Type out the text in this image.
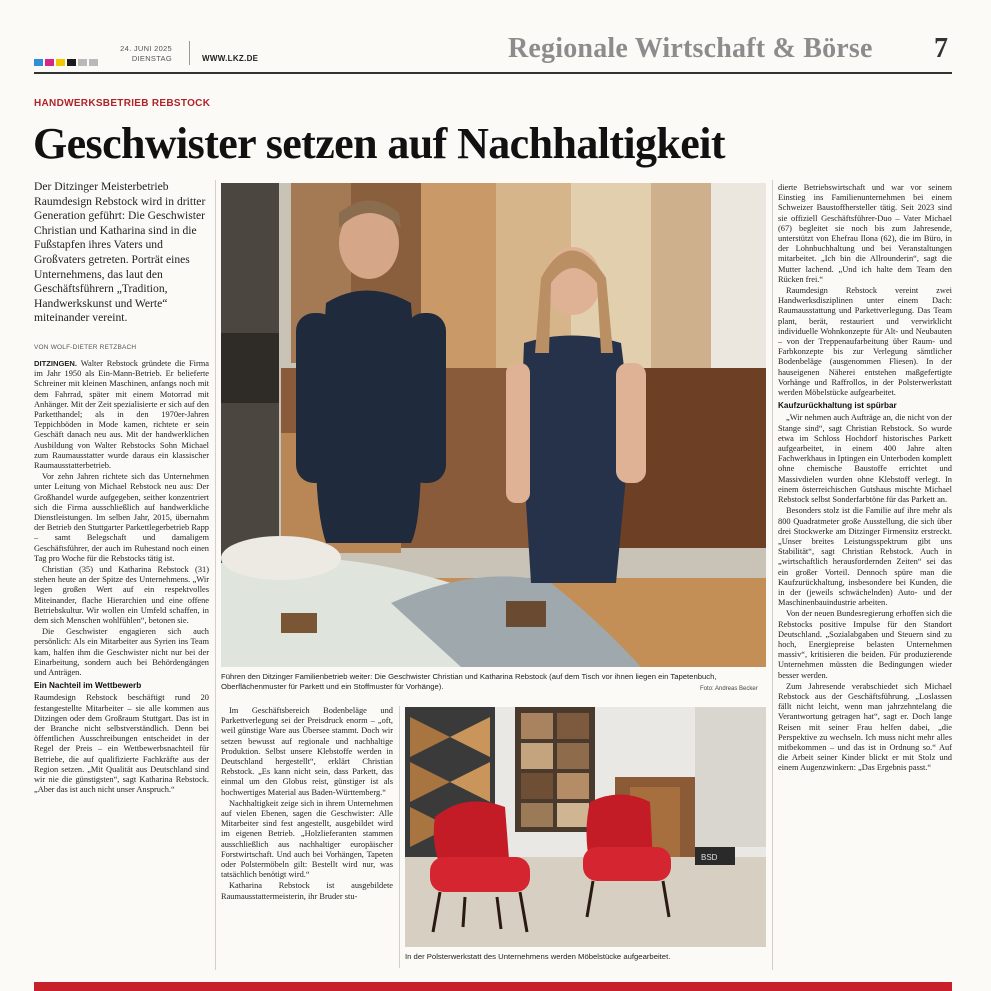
24. JUNI 2025
DIENSTAG	WWW.LKZ.DE	Regionale Wirtschaft & Börse 7
HANDWERKSBETRIEB REBSTOCK
Geschwister setzen auf Nachhaltigkeit
Der Ditzinger Meisterbetrieb Raumdesign Rebstock wird in dritter Generation geführt: Die Geschwister Christian und Katharina sind in die Fußstapfen ihres Vaters und Großvaters getreten. Porträt eines Unternehmens, das laut den Geschäftsführern „Tradition, Handwerkskunst und Werte“ miteinander vereint.
VON WOLF-DIETER RETZBACH

DITZINGEN. Walter Rebstock gründete die Firma im Jahr 1950 als Ein-Mann-Betrieb. Er belieferte Schreiner mit kleinen Maschinen, anfangs noch mit dem Fahrrad, später mit einem Motorrad mit Anhänger. Mit der Zeit spezialisierte er sich auf den Parketthandel; als in den 1970er-Jahren Teppichböden in Mode kamen, richtete er sein Geschäft danach neu aus. Mit der handwerklichen Ausbildung von Walter Rebstocks Sohn Michael zum Raumausstatter wurde daraus ein klassischer Raumausstatterbetrieb.

Vor zehn Jahren richtete sich das Unternehmen unter Leitung von Michael Rebstock neu aus: Der Großhandel wurde aufgegeben, seither konzentriert sich die Firma ausschließlich auf handwerkliche Dienstleistungen. Im selben Jahr, 2015, übernahm der Betrieb den Stuttgarter Parkettlegerbetrieb Rapp – samt Belegschaft und damaligem Geschäftsführer, der auch im Ruhestand noch einen Tag pro Woche für die Rebstocks tätig ist.

Christian (35) und Katharina Rebstock (31) stehen heute an der Spitze des Unternehmens. „Wir legen großen Wert auf ein respektvolles Miteinander, flache Hierarchien und eine offene Betriebskultur. Wir wollen ein Umfeld schaffen, in dem sich Menschen wohlfühlen“, betonen sie.

Die Geschwister engagieren sich auch persönlich: Als ein Mitarbeiter aus Syrien ins Team kam, halfen ihm die Geschwister nicht nur bei der Einarbeitung, sondern auch bei Behördengängen und Anträgen.

Ein Nachteil im Wettbewerb

Raumdesign Rebstock beschäftigt rund 20 festangestellte Mitarbeiter – sie alle kommen aus Ditzingen oder dem Großraum Stuttgart. Das ist in der Branche nicht selbstverständlich. Denn bei öffentlichen Ausschreibungen entscheidet in der Regel der Preis – ein Wettbewerbsnachteil für Betriebe, die auf qualifizierte Fachkräfte aus der Region setzen. „Mit Qualität aus Deutschland sind wir nie die günstigsten“, sagt Katharina Rebstock. „Aber das ist auch nicht unser Anspruch.“

Führen den Ditzinger Familienbetrieb weiter: Die Geschwister Christian und Katharina Rebstock (auf dem Tisch vor ihnen liegen ein Tapetenbuch, Oberflächenmuster für Parkett und ein Stoffmuster für Vorhänge).	Foto: Andreas Becker

Im Geschäftsbereich Bodenbeläge und Parkettverlegung sei der Preisdruck enorm – „oft, weil günstige Ware aus Übersee stammt. Doch wir setzen bewusst auf regionale und nachhaltige Produktion. Selbst unsere Klebstoffe werden in Deutschland hergestellt“, erklärt Christian Rebstock. „Es kann nicht sein, dass Parkett, das einmal um den Globus reist, günstiger ist als hochwertiges Material aus Baden-Württemberg.“

Nachhaltigkeit zeige sich in ihrem Unternehmen auf vielen Ebenen, sagen die Geschwister: Alle Mitarbeiter sind fest angestellt, ausgebildet wird im eigenen Betrieb. „Holzlieferanten stammen ausschließlich aus nachhaltiger europäischer Forstwirtschaft. Und auch bei Vorhängen, Tapeten oder Polstermöbeln gilt: Bestellt wird nur, was tatsächlich benötigt wird.“

Katharina Rebstock ist ausgebildete Raumausstattermeisterin, ihr Bruder stu-

BSD
In der Polsterwerkstatt des Unternehmens werden Möbelstücke aufgearbeitet.

dierte Betriebswirtschaft und war vor seinem Einstieg ins Familienunternehmen bei einem Schweizer Baustoffhersteller tätig. Seit 2023 sind sie offiziell Geschäftsführer-Duo – Vater Michael (67) begleitet sie noch bis zum Jahresende, unterstützt von Ehefrau Ilona (62), die im Büro, in der Lohnbuchhaltung und bei Veranstaltungen mitarbeitet. „Ich bin die Allrounderin“, sagt die Mutter lachend. „Und ich halte dem Team den Rücken frei.“

Raumdesign Rebstock vereint zwei Handwerksdisziplinen unter einem Dach: Raumausstattung und Parkettverlegung. Das Team plant, berät, restauriert und verwirklicht individuelle Wohnkonzepte für Alt- und Neubauten – von der Treppenaufarbeitung über Raum- und Farbkonzepte bis zur Verlegung sämtlicher Bodenbeläge (ausgenommen Fliesen). In der hauseigenen Näherei entstehen maßgefertigte Vorhänge und Raffrollos, in der Polsterwerkstatt werden Möbelstücke aufgearbeitet.

Kaufzurückhaltung ist spürbar

„Wir nehmen auch Aufträge an, die nicht von der Stange sind“, sagt Christian Rebstock. So wurde etwa im Schloss Hochdorf historisches Parkett aufgearbeitet, in einem 400 Jahre alten Fachwerkhaus in Iptingen ein Unterboden komplett ohne chemische Baustoffe errichtet und Massivdielen wurden ohne Klebstoff verlegt. In einem österreichischen Gutshaus mischte Michael Rebstock selbst Sonderfarbtöne für das Parkett an.

Besonders stolz ist die Familie auf ihre mehr als 800 Quadratmeter große Ausstellung, die sich über drei Stockwerke am Ditzinger Firmensitz erstreckt. „Unser breites Leistungsspektrum gibt uns Stabilität“, sagt Christian Rebstock. Auch in „wirtschaftlich herausfordernden Zeiten“ sei das ein großer Vorteil. Dennoch spüre man die Kaufzurückhaltung, insbesondere bei Kunden, die in der (jeweils schwächelnden) Auto- und der Maschinenbauindustrie arbeiten.

Von der neuen Bundesregierung erhoffen sich die Rebstocks positive Impulse für den Standort Deutschland. „Sozialabgaben und Steuern sind zu hoch, Energiepreise belasten Unternehmen massiv“, kritisieren die beiden. Für produzierende Unternehmen müssten die Bedingungen wieder besser werden.

Zum Jahresende verabschiedet sich Michael Rebstock aus der Geschäftsführung. „Loslassen fällt nicht leicht, wenn man jahrzehntelang die Verantwortung getragen hat“, sagt er. Doch lange Reisen mit seiner Frau helfen dabei, „die Perspektive zu wechseln. Ich muss nicht mehr alles mitbekommen – und das ist in Ordnung so.“ Auf die Arbeit seiner Kinder blickt er mit Stolz und einem Augenzwinkern: „Das Ergebnis passt.“
